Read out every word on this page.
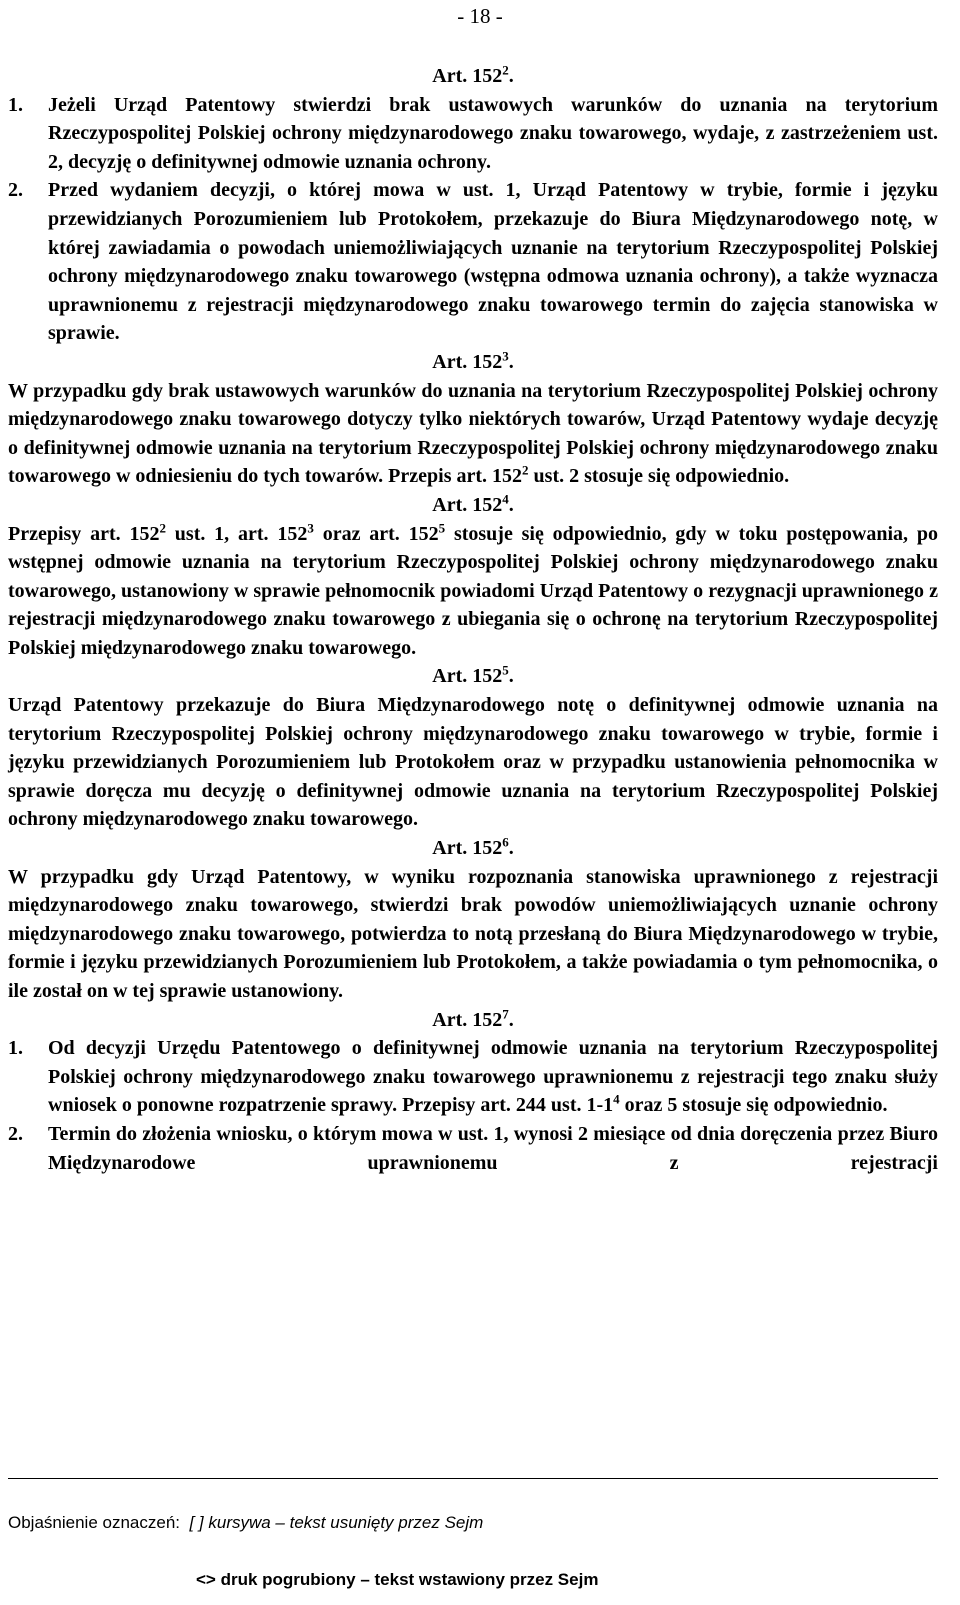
- 18 -

Art. $152^2$.

1.	Jeżeli Urząd Patentowy stwierdzi brak ustawowych warunków do uznania na terytorium Rzeczypospolitej Polskiej ochrony międzynarodowego znaku towarowego, wydaje, z zastrzeżeniem ust. 2, decyzję o definitywnej odmowie uznania ochrony.
2.	Przed wydaniem decyzji, o której mowa w ust. 1, Urząd Patentowy w trybie, formie i języku przewidzianych Porozumieniem lub Protokołem, przekazuje do Biura Międzynarodowego notę, w której zawiadamia o powodach uniemożliwiających uznanie na terytorium Rzeczypospolitej Polskiej ochrony międzynarodowego znaku towarowego (wstępna odmowa uznania ochrony), a także wyznacza uprawnionemu z rejestracji międzynarodowego znaku towarowego termin do zajęcia stanowiska w sprawie.

Art. $152^3$.

W przypadku gdy brak ustawowych warunków do uznania na terytorium Rzeczypospolitej Polskiej ochrony międzynarodowego znaku towarowego dotyczy tylko niektórych towarów, Urząd Patentowy wydaje decyzję o definitywnej odmowie uznania na terytorium Rzeczypospolitej Polskiej ochrony międzynarodowego znaku towarowego w odniesieniu do tych towarów. Przepis art. $152^2$ ust. 2 stosuje się odpowiednio.

Art. $152^4$.

Przepisy art. $152^2$ ust. 1, art. $152^3$ oraz art. $152^5$ stosuje się odpowiednio, gdy w toku postępowania, po wstępnej odmowie uznania na terytorium Rzeczypospolitej Polskiej ochrony międzynarodowego znaku towarowego, ustanowiony w sprawie pełnomocnik powiadomi Urząd Patentowy o rezygnacji uprawnionego z rejestracji międzynarodowego znaku towarowego z ubiegania się o ochronę na terytorium Rzeczypospolitej Polskiej międzynarodowego znaku towarowego.

Art. $152^5$.

Urząd Patentowy przekazuje do Biura Międzynarodowego notę o definitywnej odmowie uznania na terytorium Rzeczypospolitej Polskiej ochrony międzynarodowego znaku towarowego w trybie, formie i języku przewidzianych Porozumieniem lub Protokołem oraz w przypadku ustanowienia pełnomocnika w sprawie doręcza mu decyzję o definitywnej odmowie uznania na terytorium Rzeczypospolitej Polskiej ochrony międzynarodowego znaku towarowego.

Art. $152^6$.

W przypadku gdy Urząd Patentowy, w wyniku rozpoznania stanowiska uprawnionego z rejestracji międzynarodowego znaku towarowego, stwierdzi brak powodów uniemożliwiających uznanie ochrony międzynarodowego znaku towarowego, potwierdza to notą przesłaną do Biura Międzynarodowego w trybie, formie i języku przewidzianych Porozumieniem lub Protokołem, a także powiadamia o tym pełnomocnika, o ile został on w tej sprawie ustanowiony.

Art. $152^7$.

1.	Od decyzji Urzędu Patentowego o definitywnej odmowie uznania na terytorium Rzeczypospolitej Polskiej ochrony międzynarodowego znaku towarowego uprawnionemu z rejestracji tego znaku służy wniosek o ponowne rozpatrzenie sprawy. Przepisy art. 244 ust. $1-1^4$ oraz 5 stosuje się odpowiednio.
2.	Termin do złożenia wniosku, o którym mowa w ust. 1, wynosi 2 miesiące od dnia doręczenia przez Biuro Międzynarodowe uprawnionemu z rejestracji
Objaśnienie oznaczeń: [ ] kursywa – tekst usunięty przez Sejm
<> druk pogrubiony – tekst wstawiony przez Sejm
